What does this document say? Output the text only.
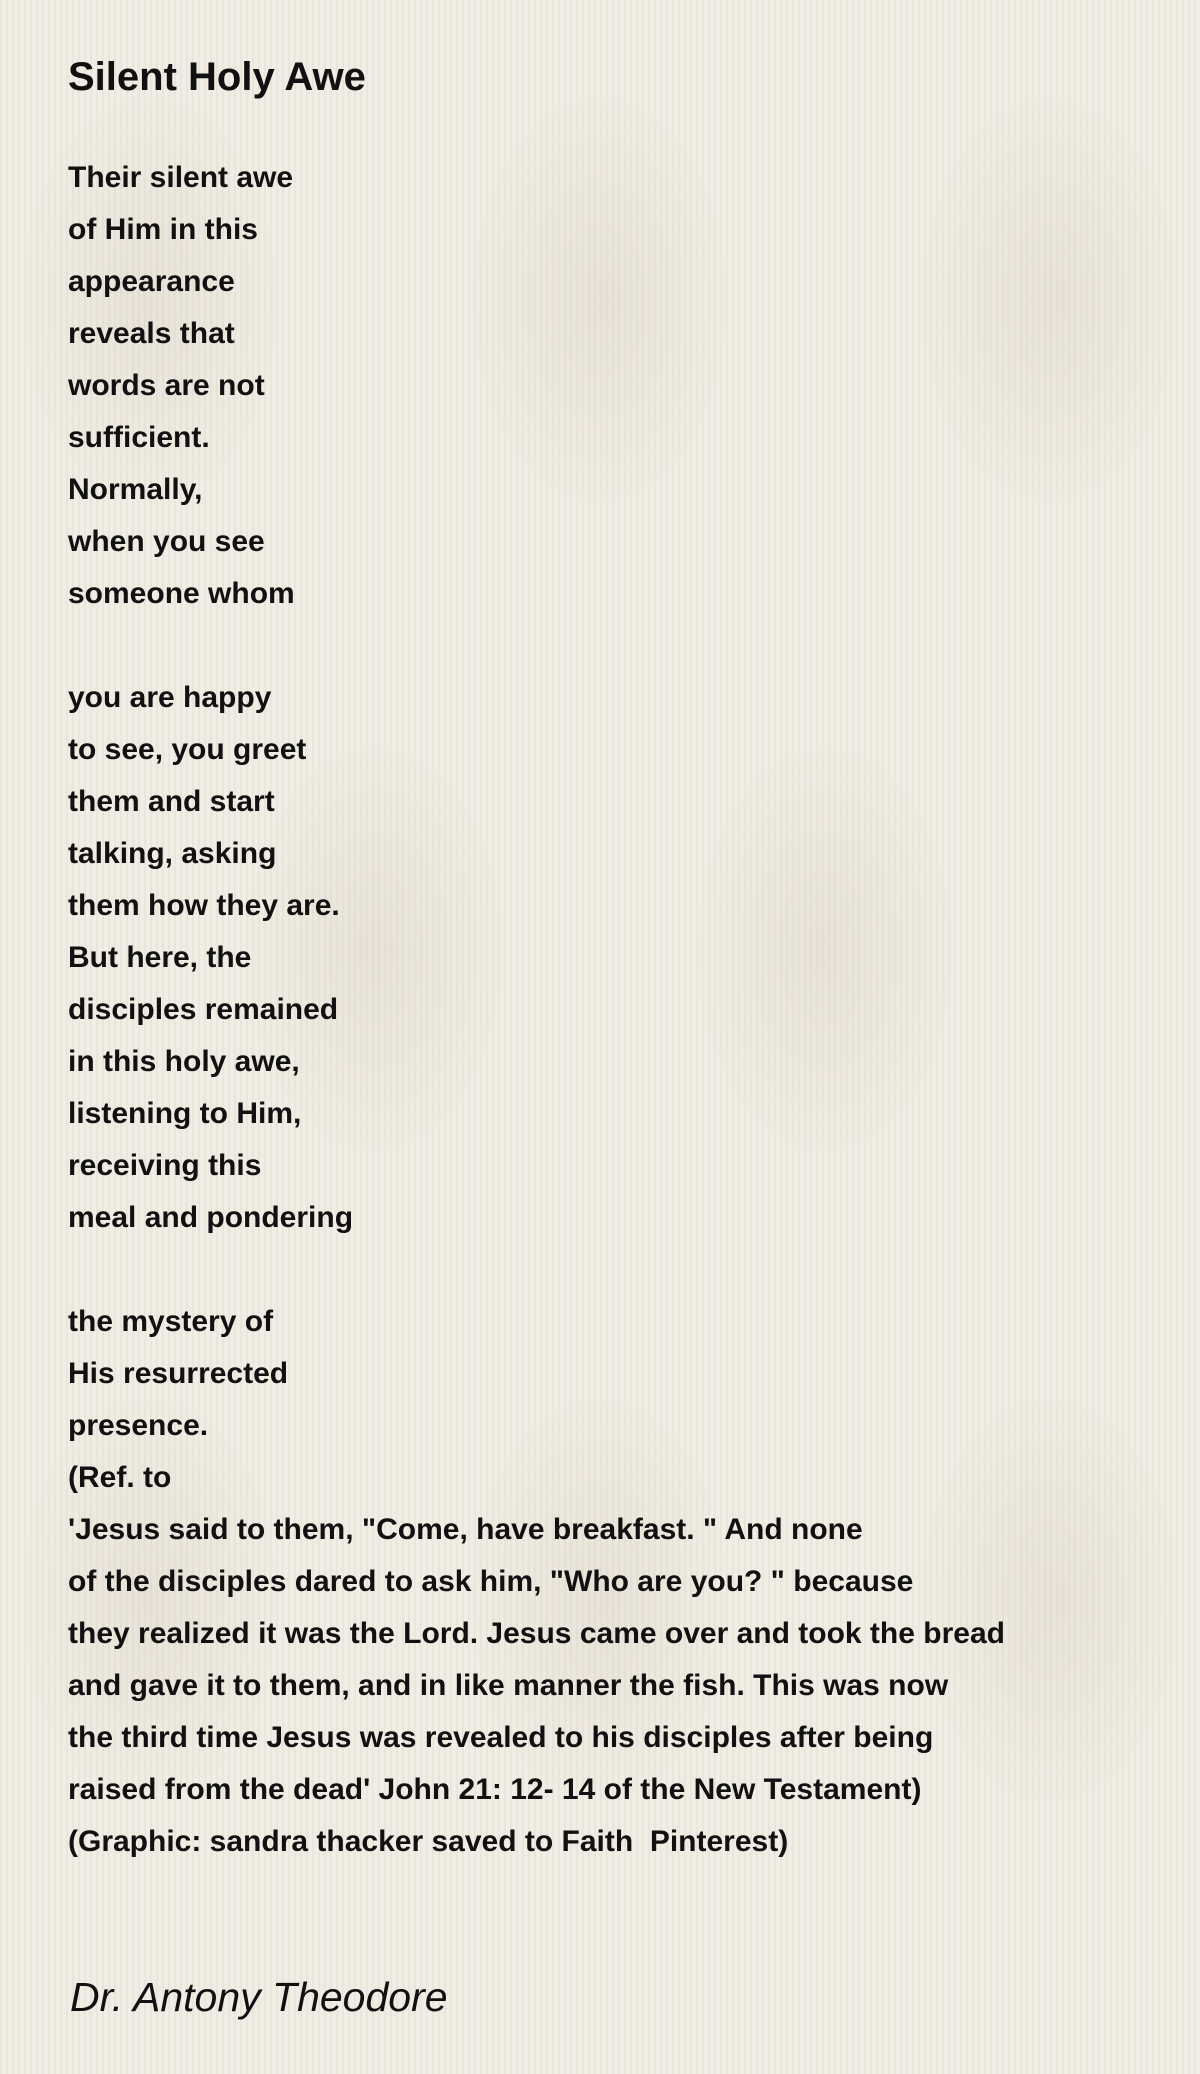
Silent Holy Awe
Their silent awe
of Him in this
appearance
reveals that
words are not
sufficient.
Normally,
when you see
someone whom
you are happy
to see, you greet
them and start
talking, asking
them how they are.
But here, the
disciples remained
in this holy awe,
listening to Him,
receiving this
meal and pondering
the mystery of
His resurrected
presence.
(Ref. to
'Jesus said to them, "Come, have breakfast. " And none
of the disciples dared to ask him, "Who are you? " because
they realized it was the Lord. Jesus came over and took the bread
and gave it to them, and in like manner the fish. This was now
the third time Jesus was revealed to his disciples after being
raised from the dead' John 21: 12- 14 of the New Testament)
(Graphic: sandra thacker saved to Faith  Pinterest)
Dr. Antony Theodore
